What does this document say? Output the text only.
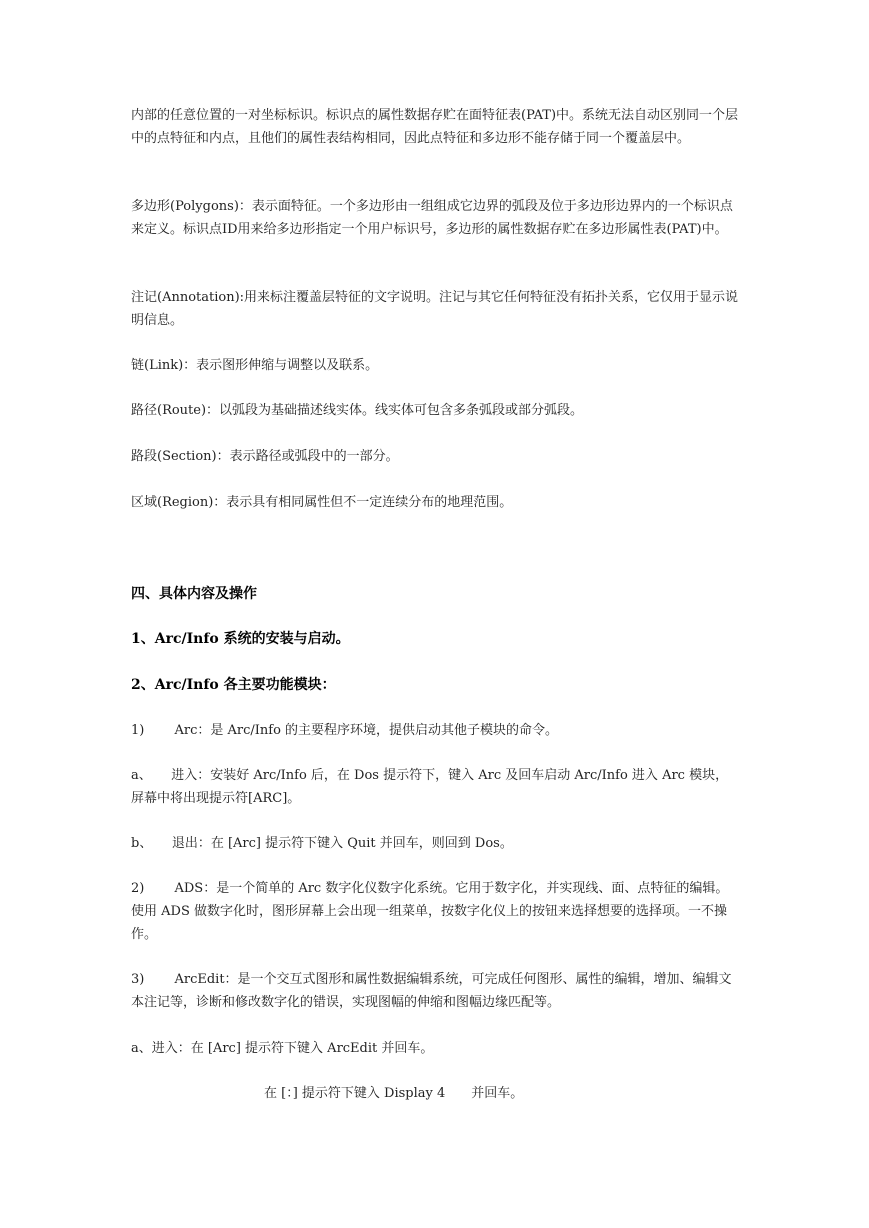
内部的任意位置的一对坐标标识。标识点的属性数据存贮在面特征表(PAT)中。系统无法自动区别同一个层中的点特征和内点，且他们的属性表结构相同，因此点特征和多边形不能存储于同一个覆盖层中。

多边形(Polygons)：表示面特征。一个多边形由一组组成它边界的弧段及位于多边形边界内的一个标识点来定义。标识点ID用来给多边形指定一个用户标识号，多边形的属性数据存贮在多边形属性表(PAT)中。

注记(Annotation):用来标注覆盖层特征的文字说明。注记与其它任何特征没有拓扑关系，它仅用于显示说明信息。

链(Link)：表示图形伸缩与调整以及联系。

路径(Route)：以弧段为基础描述线实体。线实体可包含多条弧段或部分弧段。

路段(Section)：表示路径或弧段中的一部分。

区域(Region)：表示具有相同属性但不一定连续分布的地理范围。

四、具体内容及操作

1、Arc/Info 系统的安装与启动。

2、Arc/Info 各主要功能模块：

1)　　 Arc：是 Arc/Info 的主要程序环境，提供启动其他子模块的命令。

a、　　进入：安装好 Arc/Info 后，在 Dos 提示符下，键入 Arc 及回车启动 Arc/Info 进入 Arc 模块，屏幕中将出现提示符[ARC]。

b、　　退出：在 [Arc] 提示符下键入 Quit 并回车，则回到 Dos。

2)　　 ADS：是一个简单的 Arc 数字化仪数字化系统。它用于数字化，并实现线、面、点特征的编辑。使用 ADS 做数字化时，图形屏幕上会出现一组菜单，按数字化仪上的按钮来选择想要的选择项。一不操作。

3)　　 ArcEdit：是一个交互式图形和属性数据编辑系统，可完成任何图形、属性的编辑，增加、编辑文本注记等，诊断和修改数字化的错误，实现图幅的伸缩和图幅边缘匹配等。

a、进入：在 [Arc] 提示符下键入 ArcEdit 并回车。

在 [：] 提示符下键入 Display 4　　并回车。
